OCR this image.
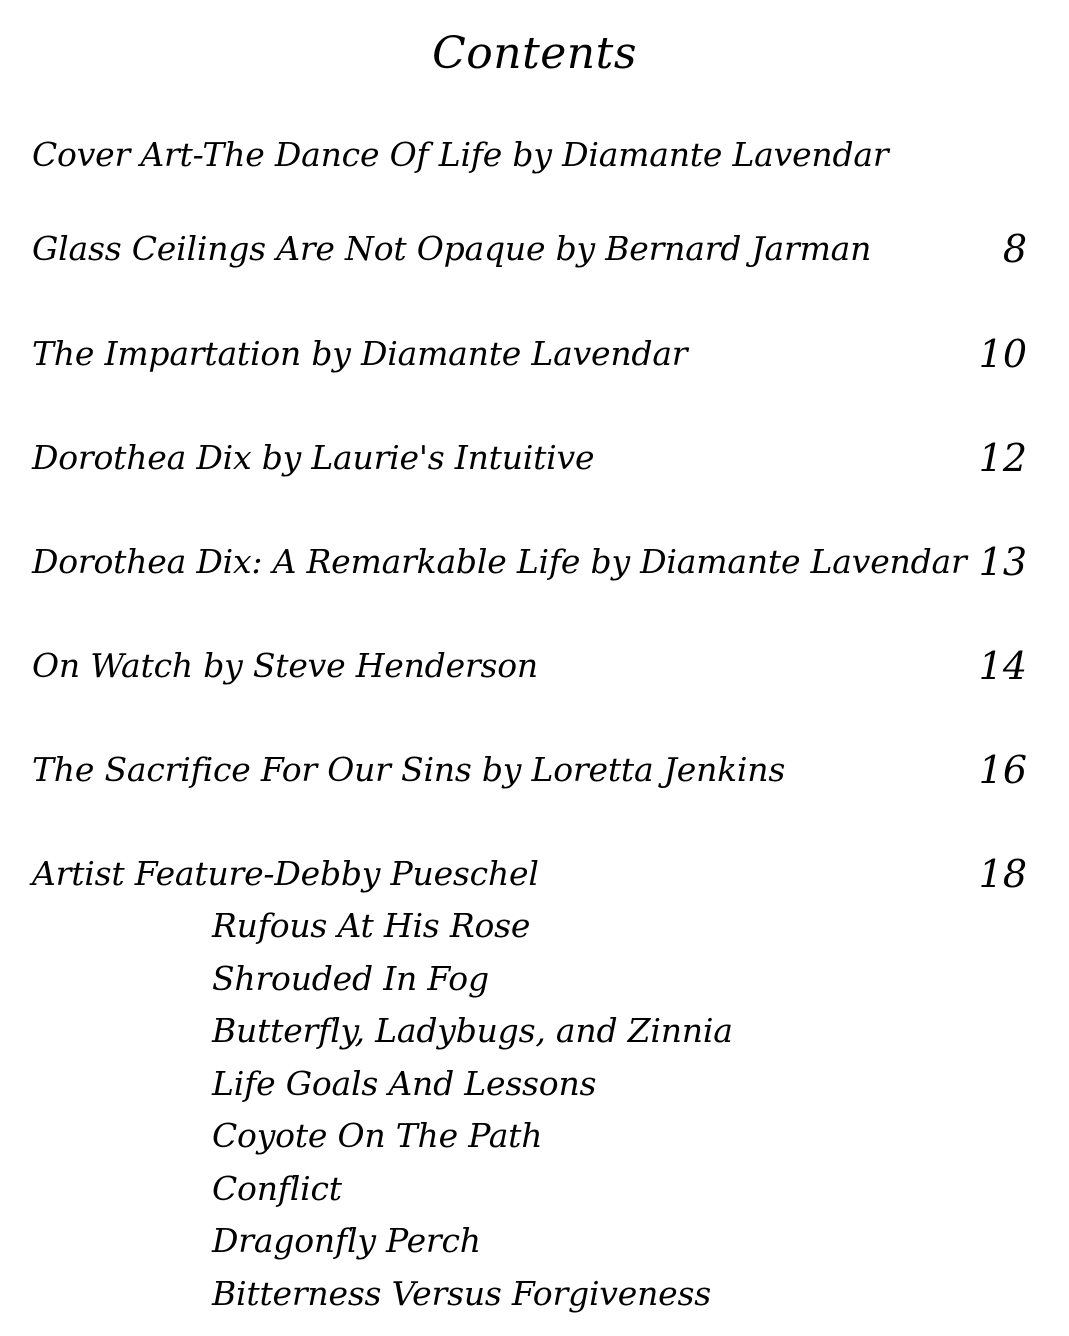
Contents
Cover Art-The Dance Of Life by Diamante Lavendar
Glass Ceilings Are Not Opaque by Bernard Jarman	8
The Impartation by Diamante Lavendar	10
Dorothea Dix by Laurie's Intuitive	12
Dorothea Dix: A Remarkable Life by Diamante Lavendar 13
On Watch by Steve Henderson	14
The Sacrifice For Our Sins by Loretta Jenkins	16
Artist Feature-Debby Pueschel	18
Rufous At His Rose
Shrouded In Fog
Butterfly, Ladybugs, and Zinnia
Life Goals And Lessons
Coyote On The Path
Conflict
Dragonfly Perch
Bitterness Versus Forgiveness
